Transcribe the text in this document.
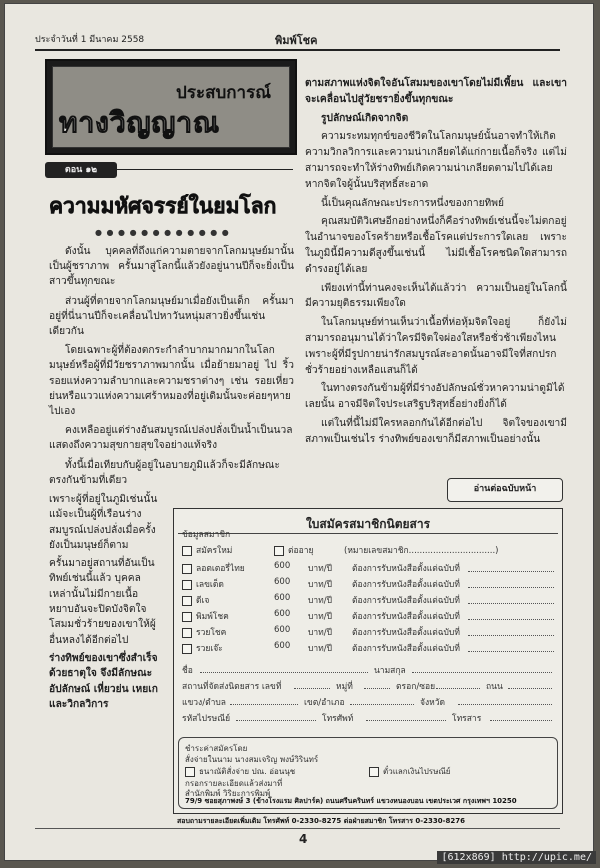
ประจำวันที่ 1 มีนาคม 2558	พิมพ์โชค
ประสบการณ์
ทางวิญญาณ
ตอน ๑๒
ความมหัศจรรย์ในยมโลก
● ● ● ● ● ● ● ● ● ● ● ●

ดังนั้น บุคคลที่ถึงแก่ความตายจากโลกมนุษย์มานั้นเป็นผู้ชราภาพ ครั้นมาสู่โลกนี้แล้วยังอยู่นานปีก็จะยิ่งเป็นสาวขึ้นทุกขณะ

ส่วนผู้ที่ตายจากโลกมนุษย์มาเมื่อยังเป็นเด็ก ครั้นมาอยู่ที่นี่นานปีก็จะเคลื่อนไปหาวันหนุ่มสาวยิ่งขึ้นเช่นเดียวกัน

โดยเฉพาะผู้ที่ต้องตกระกำลำบากมากมากในโลกมนุษย์หรือผู้ที่มีวัยชราภาพมากนั้น เมื่อย้ายมาอยู่ ไป ริ้วรอยแห่งความลำบากและความชราต่างๆ เช่น รอยเหี่ยวย่นหรือแววแห่งความเศร้าหมองที่อยู่เดิมนั้นจะค่อยๆหายไปเอง

คงเหลืออยู่แต่ร่างอันสมบูรณ์เปล่งปลั่งเป็นน้ำเป็นนวล แสดงถึงความสุขกายสุขใจอย่างแท้จริง

ทั้งนี้เมื่อเทียบกับผู้อยู่ในอบายภูมิแล้วก็จะมีลักษณะตรงกันข้ามที่เดียว

เพราะผู้ที่อยู่ในภูมิเช่นนั้น แม้จะเป็นผู้ที่เรือนร่างสมบูรณ์เปล่งปลั่งเมื่อครั้งยังเป็นมนุษย์ก็ตาม

ครั้นมาอยู่สถานที่อันเป็นทิพย์เช่นนี้แล้ว บุคคลเหล่านั้นไม่มีกายเนื้อหยาบอันจะปิดบังจิตใจโสมมชั่วร้ายของเขาให้ผู้อื่นหลงได้อีกต่อไป

ร่างทิพย์ของเขาซึ่งสำเร็จด้วยธาตุใจ จึงมีลักษณะอัปลักษณ์ เหี่ยวย่น เหยเกและวิกลวิการ

ตามสภาพแห่งจิตใจอันโสมมของเขาโดยไม่มีเพี้ยน และเขาจะเคลื่อนไปสู่วัยชรายิ่งขึ้นทุกขณะ

รูปลักษณ์เกิดจากจิต

ความระทมทุกข์ของชีวิตในโลกมนุษย์นั้นอาจทำให้เกิดความวิกลวิการและความน่าเกลียดได้แก่กายเนื้อก็จริง แต่ไม่สามารถจะทำให้ร่างทิพย์เกิดความน่าเกลียดตามไปได้เลย หากจิตใจผู้นั้นบริสุทธิ์สะอาด

นี้เป็นคุณลักษณะประการหนึ่งของกายทิพย์

คุณสมบัติวิเศษอีกอย่างหนึ่งก็คือร่างทิพย์เช่นนี้จะไม่ตกอยู่ในอำนาจของโรคร้ายหรือเชื้อโรคแต่ประการใดเลย เพราะในภูมินี้มีความดีสูงขึ้นเช่นนี้ ไม่มีเชื้อโรคชนิดใดสามารถดำรงอยู่ได้เลย

เพียงเท่านี้ท่านคงจะเห็นได้แล้วว่า ความเป็นอยู่ในโลกนี้มีความยุติธรรมเพียงใด

ในโลกมนุษย์ท่านเห็นว่าเนื้อที่ห่อหุ้มจิตใจอยู่ ก็ยังไม่สามารถอนุมานได้ว่าใครมีจิตใจผ่องใสหรือชั่วช้าเพียงไหน เพราะผู้ที่มีรูปกายน่ารักสมบูรณ์สะอาดนั้นอาจมีใจที่สกปรกชั่วร้ายอย่างเหลือแสนก็ได้

ในทางตรงกันข้ามผู้ที่มีร่างอัปลักษณ์ชั่วหาความน่าดูมิได้เลยนั้น อาจมีจิตใจประเสริฐบริสุทธิ์อย่างยิ่งก็ได้

แต่ในที่นี้ไม่มีใครหลอกกันได้อีกต่อไป จิตใจของเขามีสภาพเป็นเช่นไร ร่างทิพย์ของเขาก็มีสภาพเป็นอย่างนั้น

อ่านต่อฉบับหน้า
ใบสมัครสมาชิกนิตยสาร
ข้อมูลสมาชิก
สมัครใหม่	ต่ออายุ	(หมายเลขสมาชิก................................)
ลอตเตอรี่ไทย	600 บาท/ปี ต้องการรับหนังสือตั้งแต่ฉบับที่
เลขเด็ด	600 บาท/ปี ต้องการรับหนังสือตั้งแต่ฉบับที่
ดีเจ	600 บาท/ปี ต้องการรับหนังสือตั้งแต่ฉบับที่
พิมพ์โชค	600 บาท/ปี ต้องการรับหนังสือตั้งแต่ฉบับที่
รวยโชค	600 บาท/ปี ต้องการรับหนังสือตั้งแต่ฉบับที่
รวยเจ๊ะ	600 บาท/ปี ต้องการรับหนังสือตั้งแต่ฉบับที่
ชื่อ	นามสกุล
สถานที่จัดส่งนิตยสาร เลขที่	หมู่ที่	ตรอก/ซอย	ถนน
แขวง/ตำบล	เขต/อำเภอ	จังหวัด
รหัสไปรษณีย์	โทรศัพท์	โทรสาร
ชำระค่าสมัครโดย
สั่งจ่ายในนาม นางสมเจริญ พงษ์วิรินทร์
ธนาณัติสั่งจ่าย ปณ. อ่อนนุช	ตั๋วแลกเงินไปรษณีย์
กรอกรายละเอียดแล้วส่งมาที่
สำนักพิมพ์ วิริยะการพิมพ์
79/9 ซอยสุภาพงษ์ 3 (ข้างโรงแรม ศิลปาร์ค) ถนนศรีนครินทร์ แขวงหนองบอน เขตประเวศ กรุงเทพฯ 10250
สอบถามรายละเอียดเพิ่มเติม โทรศัพท์ 0-2330-8275 ต่อฝ่ายสมาชิก โทรสาร 0-2330-8276
4
[612x869] http://upic.me/
